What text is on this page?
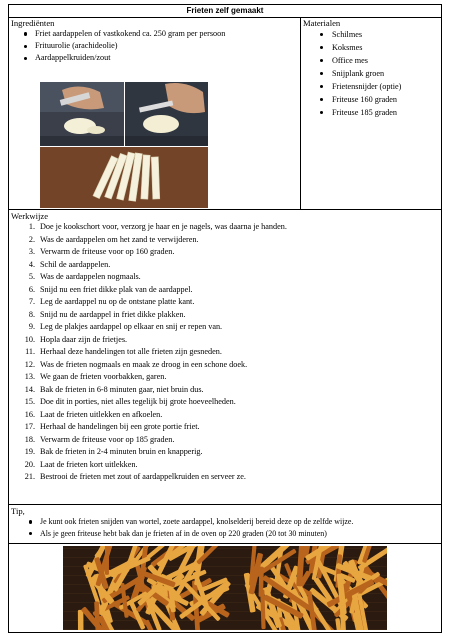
Frieten zelf gemaakt

Ingrediënten
Friet aardappelen of vastkokend ca. 250 gram per persoon
Frituurolie (arachideolie)
Aardappelkruiden/zout

Materialen
Schilmes
Koksmes
Office mes
Snijplank groen
Frietensnijder (optie)
Friteuse 160 graden
Friteuse 185 graden

Werkwijze
1. Doe je kookschort voor, verzorg je haar en je nagels, was daarna je handen.
2. Was de aardappelen om het zand te verwijderen.
3. Verwarm de friteuse voor op 160 graden.
4. Schil de aardappelen.
5. Was de aardappelen nogmaals.
6. Snijd nu een friet dikke plak van de aardappel.
7. Leg de aardappel nu op de ontstane platte kant.
8. Snijd nu de aardappel in friet dikke plakken.
9. Leg de plakjes aardappel op elkaar en snij er repen van.
10. Hopla daar zijn de frietjes.
11. Herhaal deze handelingen tot alle frieten zijn gesneden.
12. Was de frieten nogmaals en maak ze droog in een schone doek.
13. We gaan de frieten voorbakken, garen.
14. Bak de frieten in 6-8 minuten gaar, niet bruin dus.
15. Doe dit in porties, niet alles tegelijk bij grote hoeveelheden.
16. Laat de frieten uitlekken en afkoelen.
17. Herhaal de handelingen bij een grote portie friet.
18. Verwarm de friteuse voor op 185 graden.
19. Bak de frieten in 2-4 minuten bruin en knapperig.
20. Laat de frieten kort uitlekken.
21. Bestrooi de frieten met zout of aardappelkruiden en serveer ze.

Tip,
Je kunt ook frieten snijden van wortel, zoete aardappel, knolselderij bereid deze op de zelfde wijze.
Als je geen friteuse hebt bak dan je frieten af in de oven op 220 graden (20 tot 30 minuten)
